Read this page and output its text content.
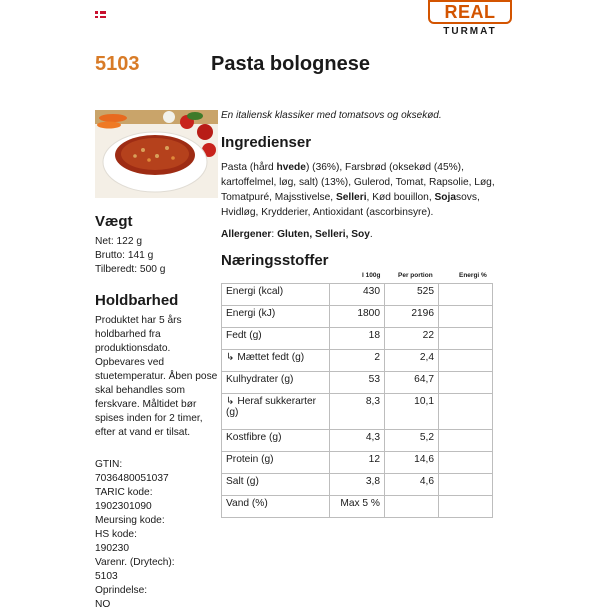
REAL
TURMAT
5103	Pasta bolognese
Vægt
Net: 122 g
Brutto: 141 g
Tilberedt: 500 g
Holdbarhed
Produktet har 5 års
holdbarhed fra
produktionsdato.
Opbevares ved
stuetemperatur. Åben pose
skal behandles som
ferskvare. Måltidet bør
spises inden for 2 timer,
efter at vand er tilsat.
GTIN:
7036480051037
TARIC kode:
1902301090
Meursing kode:
HS kode:
190230
Varenr. (Drytech):
5103
Oprindelse:
NO
En italiensk klassiker med tomatsovs og oksekød.
Ingredienser
Pasta (hård hvede) (36%), Farsbrød (oksekød (45%), kartoffelmel, løg, salt) (13%), Gulerod, Tomat, Rapsolie, Løg, Tomatpuré, Majsstivelse, Selleri, Kød bouillon, Sojasovs, Hvidløg, Krydderier, Antioxidant (ascorbinsyre).
Allergener: Gluten, Selleri, Soy.
Næringsstoffer
I 100g	Per portion	Energi %
Energi (kcal)	430	525	
Energi (kJ)	1800	2196	
Fedt (g)	18	22	
↳ Mættet fedt (g)	2	2,4	
Kulhydrater (g)	53	64,7	
↳ Heraf sukkerarter (g)	8,3	10,1	
Kostfibre (g)	4,3	5,2	
Protein (g)	12	14,6	
Salt (g)	3,8	4,6	
Vand (%)	Max 5 %		
